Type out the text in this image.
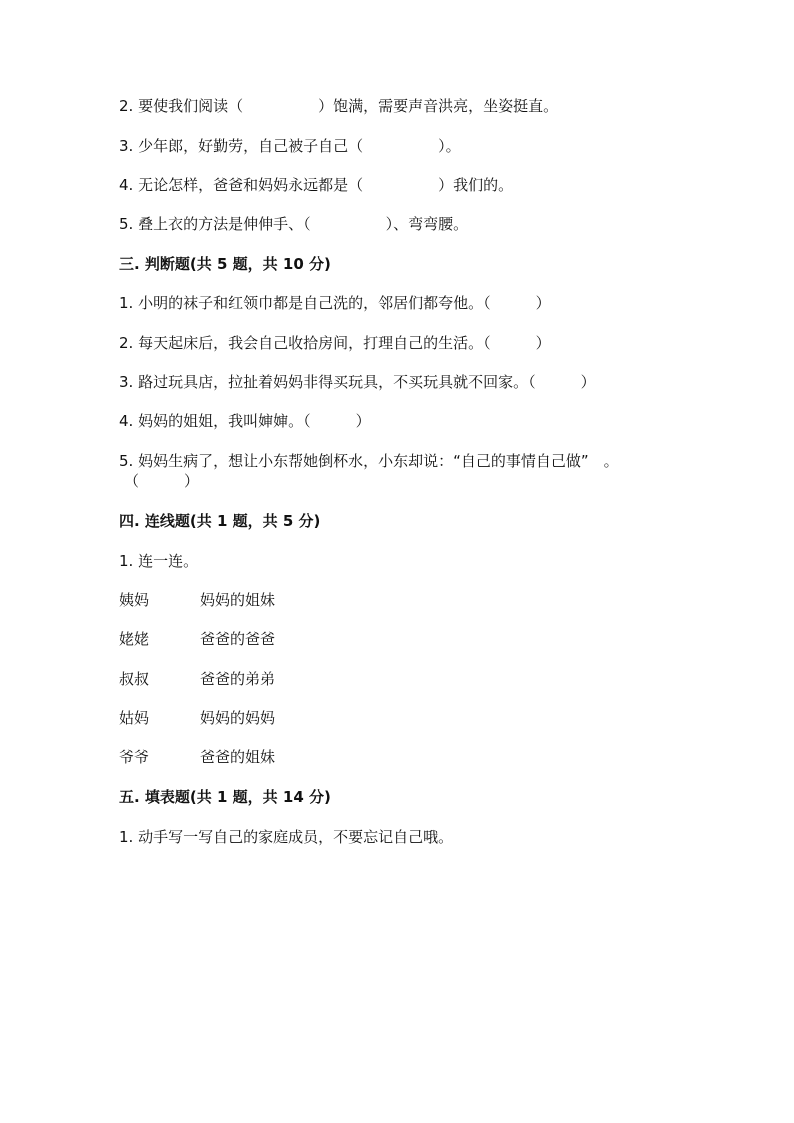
2. 要使我们阅读（　　　　　）饱满，需要声音洪亮，坐姿挺直。
3. 少年郎，好勤劳，自己被子自己（　　　　　）。
4. 无论怎样，爸爸和妈妈永远都是（　　　　　）我们的。
5. 叠上衣的方法是伸伸手、（　　　　　）、弯弯腰。
三. 判断题(共 5 题，共 10 分)
1. 小明的袜子和红领巾都是自己洗的，邻居们都夸他。（　　　）
2. 每天起床后，我会自己收拾房间，打理自己的生活。（　　　）
3. 路过玩具店，拉扯着妈妈非得买玩具，不买玩具就不回家。（　　　）
4. 妈妈的姐姐，我叫婶婶。（　　　）
5. 妈妈生病了，想让小东帮她倒杯水，小东却说：“自己的事情自己做”　。
（　　　）
四. 连线题(共 1 题，共 5 分)
1. 连一连。
姨妈	妈妈的姐妹
姥姥	爸爸的爸爸
叔叔	爸爸的弟弟
姑妈	妈妈的妈妈
爷爷	爸爸的姐妹
五. 填表题(共 1 题，共 14 分)
1. 动手写一写自己的家庭成员，不要忘记自己哦。
